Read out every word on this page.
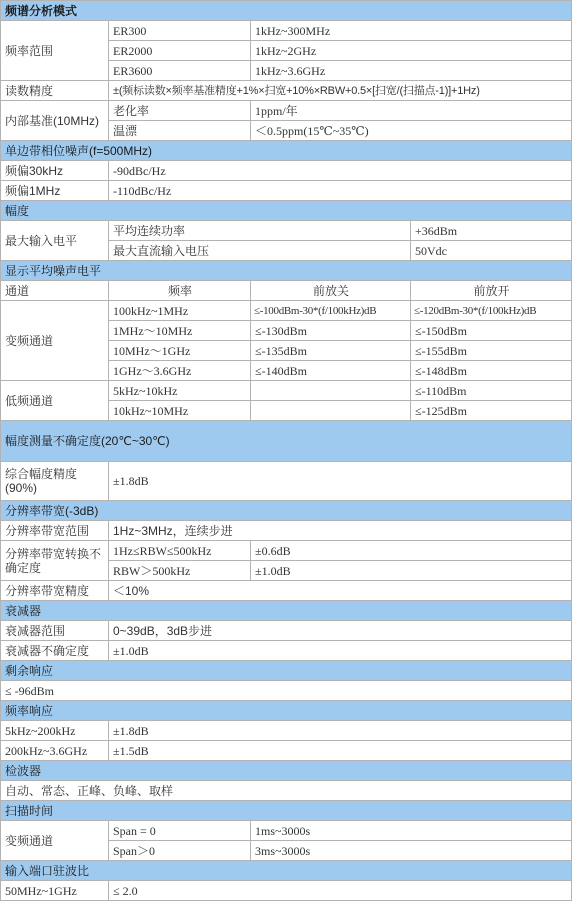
频谱分析模式			
频率范围	ER300	1kHz~300MHz	
	ER2000	1kHz~2GHz	
	ER3600	1kHz~3.6GHz	
读数精度	±(频标读数×频率基准精度+1%×扫宽+10%×RBW+0.5×[扫宽/(扫描点-1)]+1Hz)		
内部基准(10MHz)	老化率	1ppm/年	
	温漂	＜0.5ppm(15℃~35℃)	
单边带相位噪声(f=500MHz)			
频偏30kHz	-90dBc/Hz		
频偏1MHz	-110dBc/Hz		
幅度			
最大输入电平	平均连续功率		+36dBm
	最大直流输入电压		50Vdc
显示平均噪声电平			
通道	频率	前放关	前放开
变频通道	100kHz~1MHz	≤-100dBm-30*(f/100kHz)dB	≤-120dBm-30*(f/100kHz)dB
	1MHz～10MHz	≤-130dBm	≤-150dBm
	10MHz～1GHz	≤-135dBm	≤-155dBm
	1GHz～3.6GHz	≤-140dBm	≤-148dBm
低频通道	5kHz~10kHz		≤-110dBm
	10kHz~10MHz		≤-125dBm
幅度测量不确定度(20℃~30℃)			
综合幅度精度(90%)	±1.8dB		
分辨率带宽(-3dB)			
分辨率带宽范围	1Hz~3MHz，连续步进		
分辨率带宽转换不确定度	1Hz≤RBW≤500kHz	±0.6dB	
	RBW＞500kHz	±1.0dB	
分辨率带宽精度	＜10%		
衰减器			
衰减器范围	0~39dB，3dB步进		
衰减器不确定度	±1.0dB		
剩余响应			
≤ -96dBm			
频率响应			
5kHz~200kHz	±1.8dB		
200kHz~3.6GHz	±1.5dB		
检波器			
自动、常态、正峰、负峰、取样			
扫描时间			
变频通道	Span = 0	1ms~3000s	
	Span＞0	3ms~3000s	
输入端口驻波比			
50MHz~1GHz	≤ 2.0		
